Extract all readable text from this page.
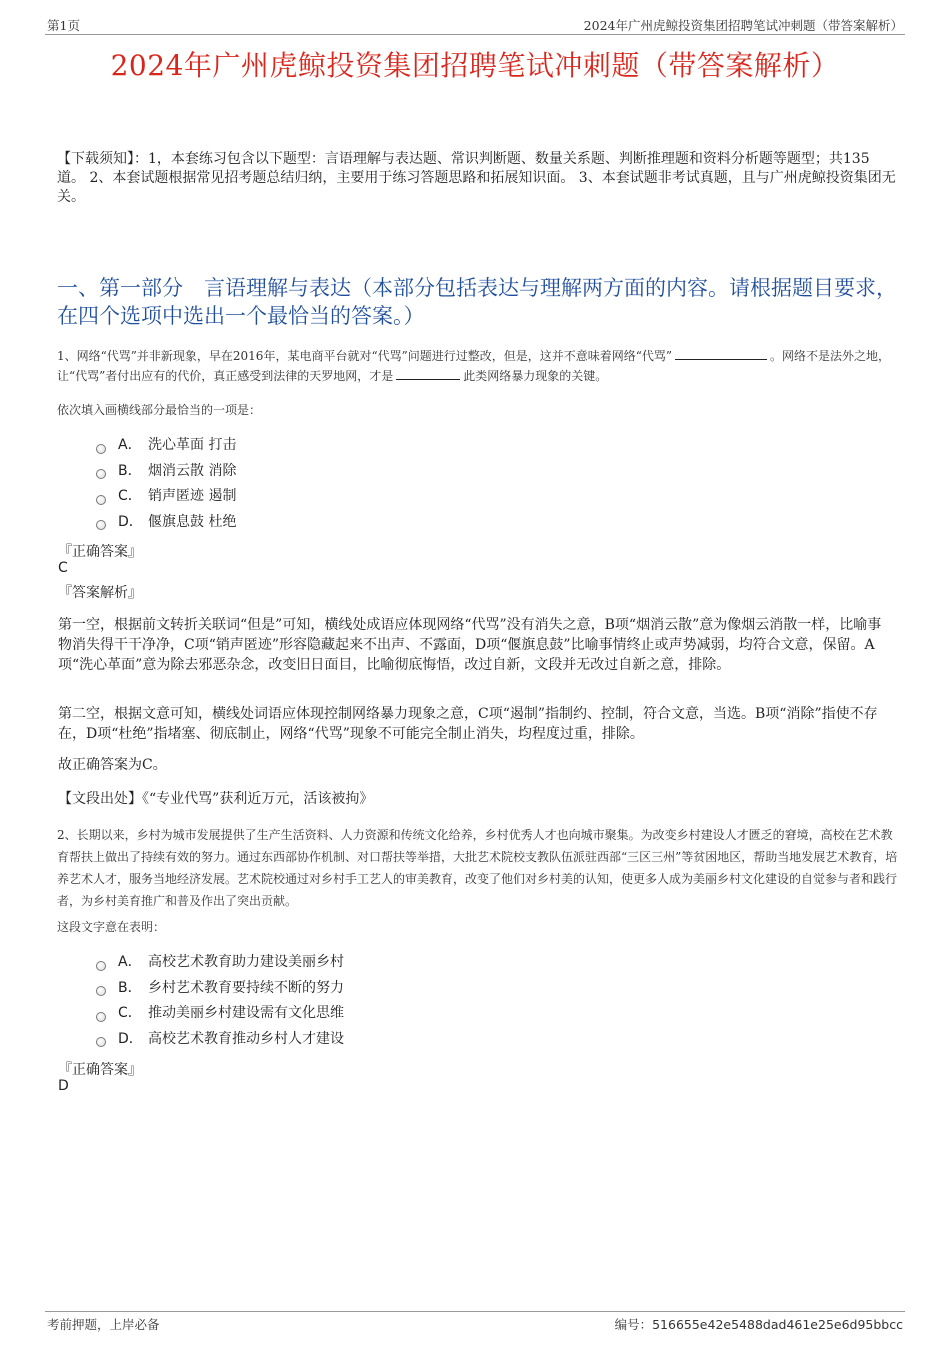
第1页	2024年广州虎鲸投资集团招聘笔试冲刺题（带答案解析）
2024年广州虎鲸投资集团招聘笔试冲刺题（带答案解析）
【下载须知】：1，本套练习包含以下题型：言语理解与表达题、常识判断题、数量关系题、判断推理题和资料分析题等题型；共135道。 2、本套试题根据常见招考题总结归纳，主要用于练习答题思路和拓展知识面。 3、本套试题非考试真题，且与广州虎鲸投资集团无关。
一、第一部分　言语理解与表达（本部分包括表达与理解两方面的内容。请根据题目要求，在四个选项中选出一个最恰当的答案。）
1、网络“代骂”并非新现象，早在2016年，某电商平台就对“代骂”问题进行过整改，但是，这并不意味着网络“代骂”	。网络不是法外之地，让“代骂”者付出应有的代价，真正感受到法律的天罗地网，才是	此类网络暴力现象的关键。
依次填入画横线部分最恰当的一项是：
A． 洗心革面 打击
B． 烟消云散 消除
C． 销声匿迹 遏制
D． 偃旗息鼓 杜绝
『正确答案』
C
『答案解析』
第一空，根据前文转折关联词“但是”可知，横线处成语应体现网络“代骂”没有消失之意，B项“烟消云散”意为像烟云消散一样，比喻事物消失得干干净净，C项“销声匿迹”形容隐藏起来不出声、不露面，D项“偃旗息鼓”比喻事情终止或声势减弱，均符合文意，保留。A项“洗心革面”意为除去邪恶杂念，改变旧日面目，比喻彻底悔悟，改过自新，文段并无改过自新之意，排除。
第二空，根据文意可知，横线处词语应体现控制网络暴力现象之意，C项“遏制”指制约、控制，符合文意，当选。B项“消除”指使不存在，D项“杜绝”指堵塞、彻底制止，网络“代骂”现象不可能完全制止消失，均程度过重，排除。
故正确答案为C。
【文段出处】《“专业代骂”获利近万元，活该被拘》
2、长期以来，乡村为城市发展提供了生产生活资料、人力资源和传统文化给养，乡村优秀人才也向城市聚集。为改变乡村建设人才匮乏的窘境，高校在艺术教育帮扶上做出了持续有效的努力。通过东西部协作机制、对口帮扶等举措，大批艺术院校支教队伍派驻西部“三区三州”等贫困地区，帮助当地发展艺术教育，培养艺术人才，服务当地经济发展。艺术院校通过对乡村手工艺人的审美教育，改变了他们对乡村美的认知，使更多人成为美丽乡村文化建设的自觉参与者和践行者，为乡村美育推广和普及作出了突出贡献。
这段文字意在表明：
A． 高校艺术教育助力建设美丽乡村
B． 乡村艺术教育要持续不断的努力
C． 推动美丽乡村建设需有文化思维
D． 高校艺术教育推动乡村人才建设
『正确答案』
D
考前押题，上岸必备	编号：516655e42e5488dad461e25e6d95bbcc
